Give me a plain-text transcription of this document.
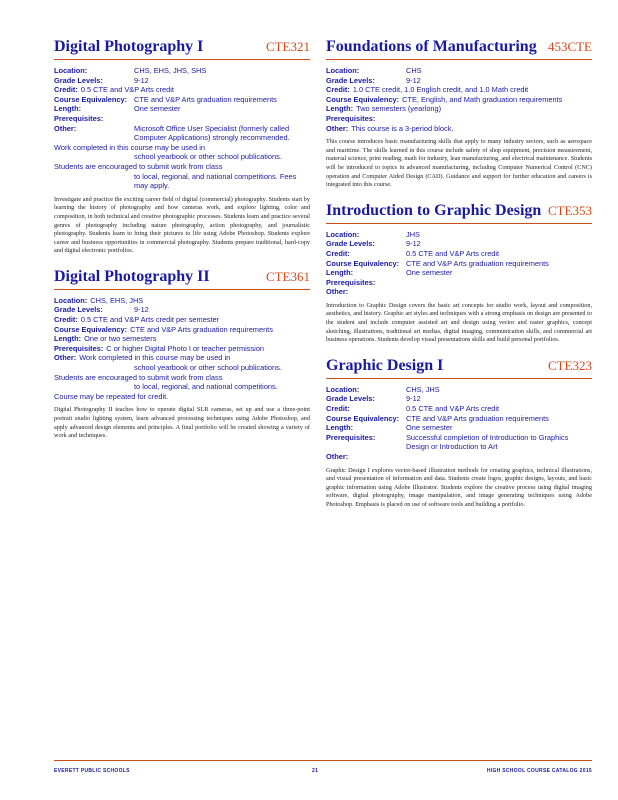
Digital Photography I	CTE321
Location:	CHS, EHS, JHS, SHS
Grade Levels:	9-12
Credit: 0.5 CTE and V&P Arts credit
Course Equivalency: CTE and V&P Arts graduation requirements
Length:	One semester
Prerequisites:
Other:	Microsoft Office User Specialist (formerly called Computer Applications) strongly recommended.
Work completed in this course may be used in
school yearbook or other school publications.
Students are encouraged to submit work from class
to local, regional, and national competitions. Fees may apply.
Investigate and practice the exciting career field of digital (commercial) photography. Students start by learning the history of photography and how cameras work, and explore lighting, color and composition, in both technical and creative photographic processes. Students learn and practice several genres of photography including nature photography, action photography, and journalistic photography. Students learn to bring their pictures to life using Adobe Photoshop. Students explore career and business opportunities in commercial photography. Students prepare traditional, hard-copy and digital electronic portfolios.
Digital Photography II	CTE361
Location: CHS, EHS, JHS
Grade Levels:	9-12
Credit: 0.5 CTE and V&P Arts credit per semester
Course Equivalency: CTE and V&P Arts graduation requirements
Length: One or two semesters
Prerequisites: C or higher Digital Photo I or teacher permission
Other: Work completed in this course may be used in
school yearbook or other school publications.
Students are encouraged to submit work from class
to local, regional, and national competitions.
Course may be repeated for credit.
Digital Photography II teaches how to operate digital SLR cameras, set up and use a three-point portrait studio lighting system, learn advanced processing techniques using Adobe Photoshop, and apply advanced design elements and principles. A final portfolio will be created showing a variety of work and techniques.
Foundations of Manufacturing 453CTE
Location:	CHS
Grade Levels:	9-12
Credit: 1.0 CTE credit, 1.0 English credit, and 1.0 Math credit
Course Equivalency: CTE, English, and Math graduation requirements
Length: Two semesters (yearlong)
Prerequisites:
Other: This course is a 3-period block.
This course introduces basic manufacturing skills that apply to many industry sectors, such as aerospace and maritime. The skills learned in this course include safety of shop equipment, precision measurement, material science, print reading, math for industry, lean manufacturing, and electrical maintenance. Students will be introduced to topics in advanced manufacturing, including Computer Numerical Control (CNC) operation and Computer Aided Design (CAD). Guidance and support for further education and careers is integrated into this course.
Introduction to Graphic Design CTE353
Location:	JHS
Grade Levels:	9-12
Credit:	0.5 CTE and V&P Arts credit
Course Equivalency: CTE and V&P Arts graduation requirements
Length:	One semester
Prerequisites:
Other:
Introduction to Graphic Design covers the basic art concepts for studio work, layout and composition, aesthetics, and history. Graphic art styles and techniques with a strong emphasis on design are presented to the student and include computer assisted art and design using vector and raster graphics, concept sketching, illustrations, traditional art medias, digital imaging, communication skills, and commercial art business operations. Students develop visual presentations skills and build personal portfolios.
Graphic Design I	CTE323
Location:	CHS, JHS
Grade Levels:	9-12
Credit:	0.5 CTE and V&P Arts credit
Course Equivalency: CTE and V&P Arts graduation requirements
Length:	One semester
Prerequisites:	Successful completion of Introduction to Graphics Design or Introduction to Art
Other:
Graphic Design I explores vector-based illustration methods for creating graphics, technical illustrations, and visual presentation of information and data. Students create logos, graphic designs, layouts, and basic graphic information using Adobe Illustrator. Students explore the creative process using digital imaging software, digital photography, image manipulation, and image generating techniques using Adobe Photoshop. Emphasis is placed on use of software tools and building a portfolio.
EVERETT PUBLIC SCHOOLS	21	HIGH SCHOOL COURSE CATALOG 2015
